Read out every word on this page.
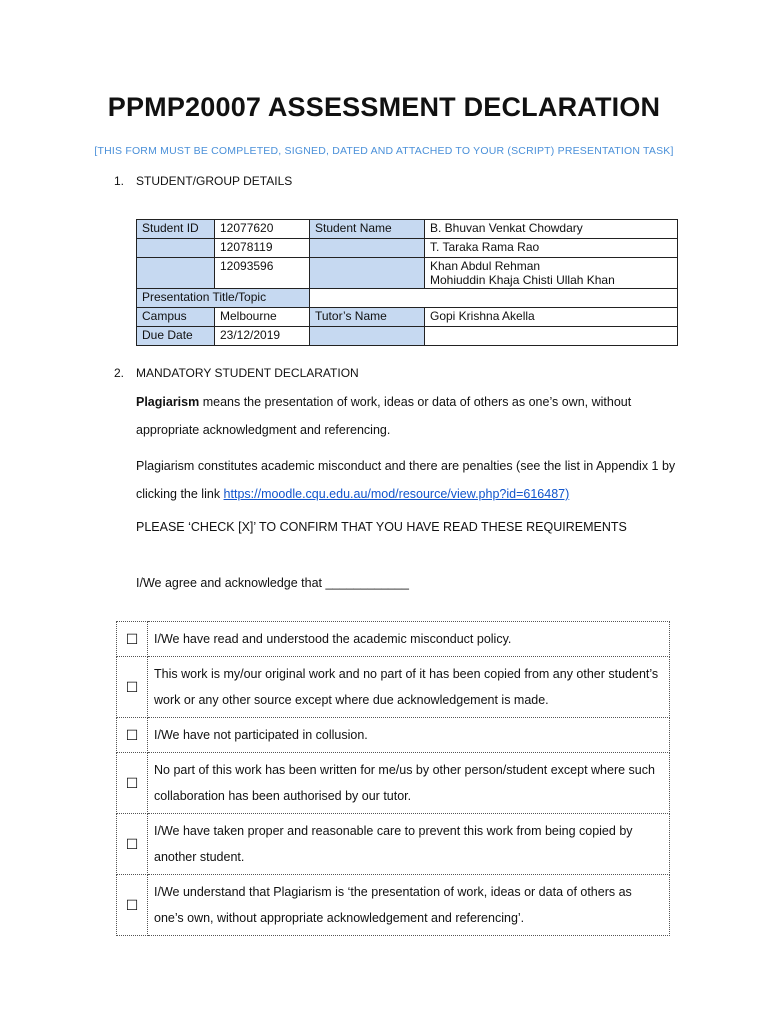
PPMP20007 ASSESSMENT DECLARATION
[THIS FORM MUST BE COMPLETED, SIGNED, DATED AND ATTACHED TO YOUR (SCRIPT) PRESENTATION TASK]
1. STUDENT/GROUP DETAILS
Student ID	12077620	Student Name	B. Bhuvan Venkat Chowdary
	12078119		T. Taraka Rama Rao
	12093596		Khan Abdul Rehman
Mohiuddin Khaja Chisti Ullah Khan

Presentation Title/Topic			
Campus	Melbourne	Tutor’s Name	Gopi Krishna Akella
Due Date	23/12/2019		
2. MANDATORY STUDENT DECLARATION
Plagiarism means the presentation of work, ideas or data of others as one’s own, without appropriate acknowledgment and referencing.
Plagiarism constitutes academic misconduct and there are penalties (see the list in Appendix 1 by clicking the link https://moodle.cqu.edu.au/mod/resource/view.php?id=616487)
PLEASE ‘CHECK [X]’ TO CONFIRM THAT YOU HAVE READ THESE REQUIREMENTS
I/We agree and acknowledge that ____________
☐	I/We have read and understood the academic misconduct policy.
☐	This work is my/our original work and no part of it has been copied from any other student’s work or any other source except where due acknowledgement is made.
☐	I/We have not participated in collusion.
☐	No part of this work has been written for me/us by other person/student except where such collaboration has been authorised by our tutor.
☐	I/We have taken proper and reasonable care to prevent this work from being copied by another student.
☐	I/We understand that Plagiarism is ‘the presentation of work, ideas or data of others as one’s own, without appropriate acknowledgement and referencing’.
